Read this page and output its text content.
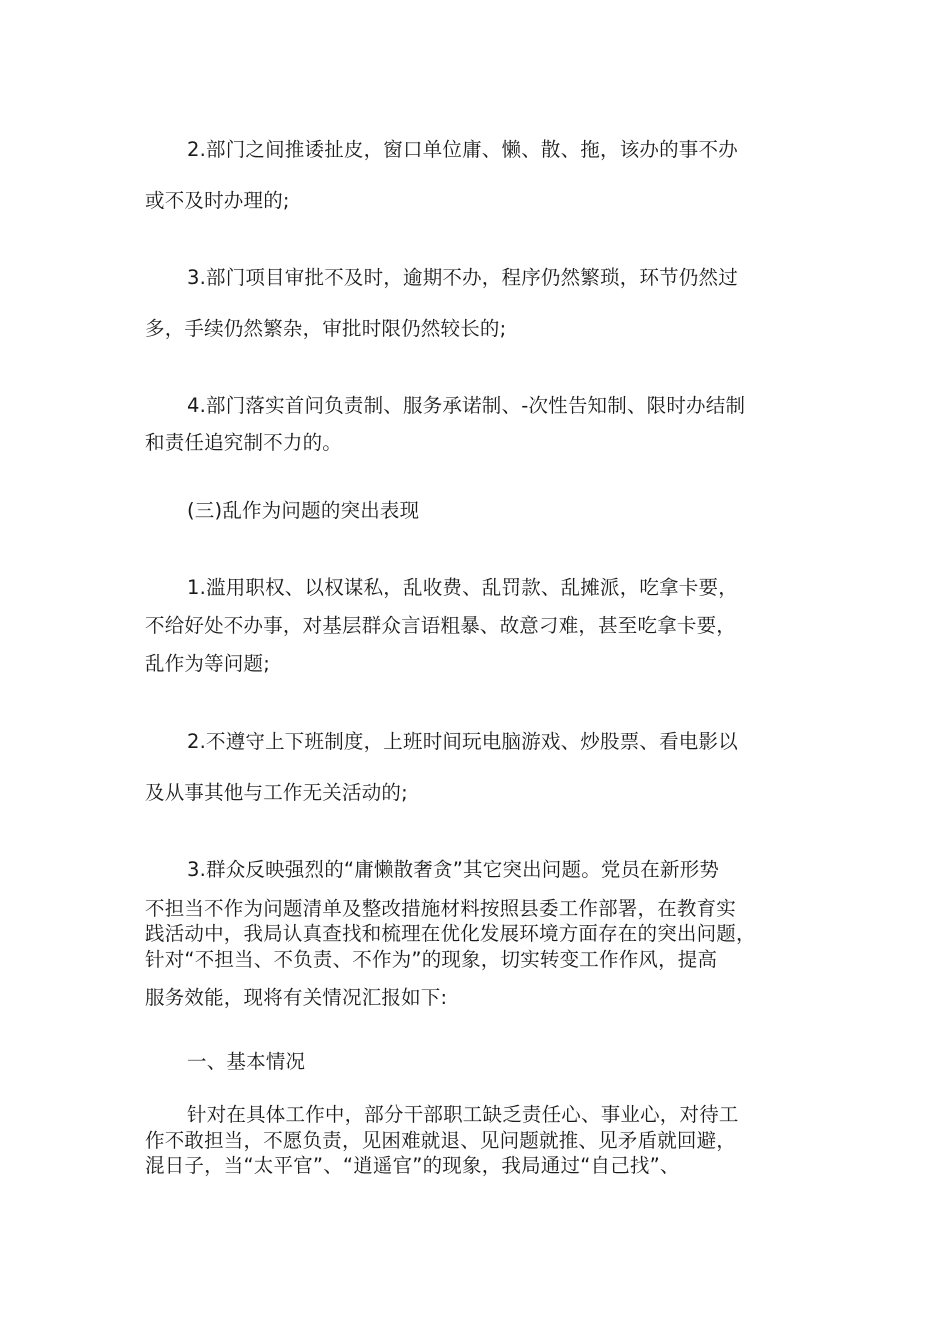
2.部门之间推诿扯皮，窗口单位庸、懒、散、拖，该办的事不办

或不及时办理的;

3.部门项目审批不及时，逾期不办，程序仍然繁琐，环节仍然过

多，手续仍然繁杂，审批时限仍然较长的;

4.部门落实首问负责制、服务承诺制、-次性告知制、限时办结制

和责任追究制不力的。

(三)乱作为问题的突出表现

1.滥用职权、以权谋私，乱收费、乱罚款、乱摊派，吃拿卡要，

不给好处不办事，对基层群众言语粗暴、故意刁难，甚至吃拿卡要，

乱作为等问题;

2.不遵守上下班制度，上班时间玩电脑游戏、炒股票、看电影以

及从事其他与工作无关活动的;

3.群众反映强烈的“庸懒散奢贪”其它突出问题。党员在新形势

不担当不作为问题清单及整改措施材料按照县委工作部署，在教育实

践活动中，我局认真查找和梳理在优化发展环境方面存在的突出问题，

针对“不担当、不负责、不作为”的现象，切实转变工作作风，提高

服务效能，现将有关情况汇报如下:

一、基本情况

针对在具体工作中，部分干部职工缺乏责任心、事业心，对待工

作不敢担当，不愿负责，见困难就退、见问题就推、见矛盾就回避，

混日子，当“太平官”、“逍遥官”的现象，我局通过“自己找”、
